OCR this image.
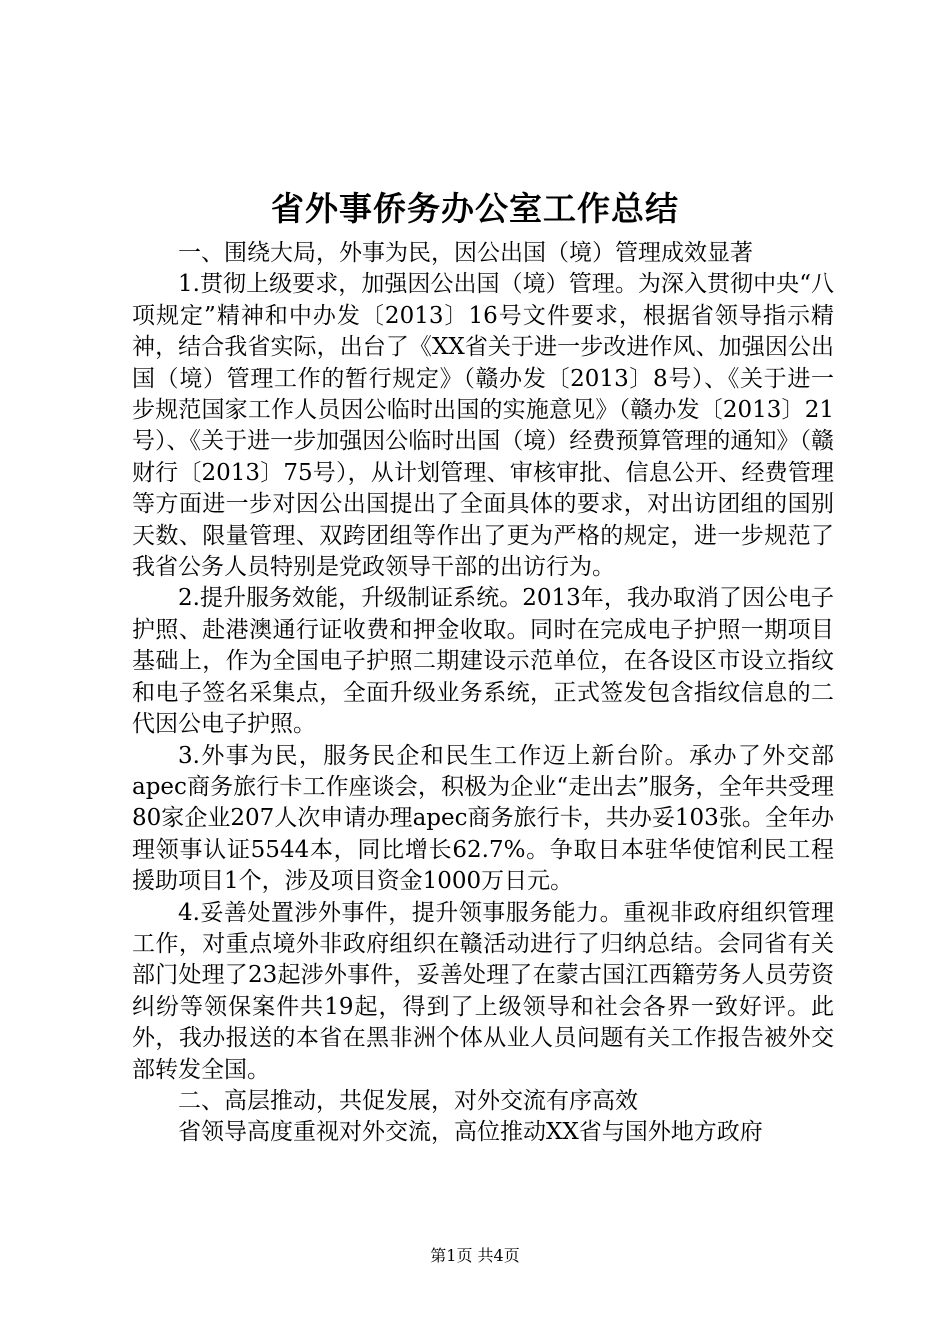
省外事侨务办公室工作总结

一、围绕大局，外事为民，因公出国（境）管理成效显著

1.贯彻上级要求，加强因公出国（境）管理。为深入贯彻中央“八项规定”精神和中办发〔2013〕16号文件要求，根据省领导指示精神，结合我省实际，出台了《XX省关于进一步改进作风、加强因公出国（境）管理工作的暂行规定》（赣办发〔2013〕8号）、《关于进一步规范国家工作人员因公临时出国的实施意见》（赣办发〔2013〕21号）、《关于进一步加强因公临时出国（境）经费预算管理的通知》（赣财行〔2013〕75号），从计划管理、审核审批、信息公开、经费管理等方面进一步对因公出国提出了全面具体的要求，对出访团组的国别天数、限量管理、双跨团组等作出了更为严格的规定，进一步规范了我省公务人员特别是党政领导干部的出访行为。

2.提升服务效能，升级制证系统。2013年，我办取消了因公电子护照、赴港澳通行证收费和押金收取。同时在完成电子护照一期项目基础上，作为全国电子护照二期建设示范单位，在各设区市设立指纹和电子签名采集点，全面升级业务系统，正式签发包含指纹信息的二代因公电子护照。

3.外事为民，服务民企和民生工作迈上新台阶。承办了外交部apec商务旅行卡工作座谈会，积极为企业“走出去”服务，全年共受理80家企业207人次申请办理apec商务旅行卡，共办妥103张。全年办理领事认证5544本，同比增长62.7%。争取日本驻华使馆利民工程援助项目1个，涉及项目资金1000万日元。

4.妥善处置涉外事件，提升领事服务能力。重视非政府组织管理工作，对重点境外非政府组织在赣活动进行了归纳总结。会同省有关部门处理了23起涉外事件，妥善处理了在蒙古国江西籍劳务人员劳资纠纷等领保案件共19起，得到了上级领导和社会各界一致好评。此外，我办报送的本省在黑非洲个体从业人员问题有关工作报告被外交部转发全国。

二、高层推动，共促发展，对外交流有序高效

省领导高度重视对外交流，高位推动XX省与国外地方政府

第1页 共4页
